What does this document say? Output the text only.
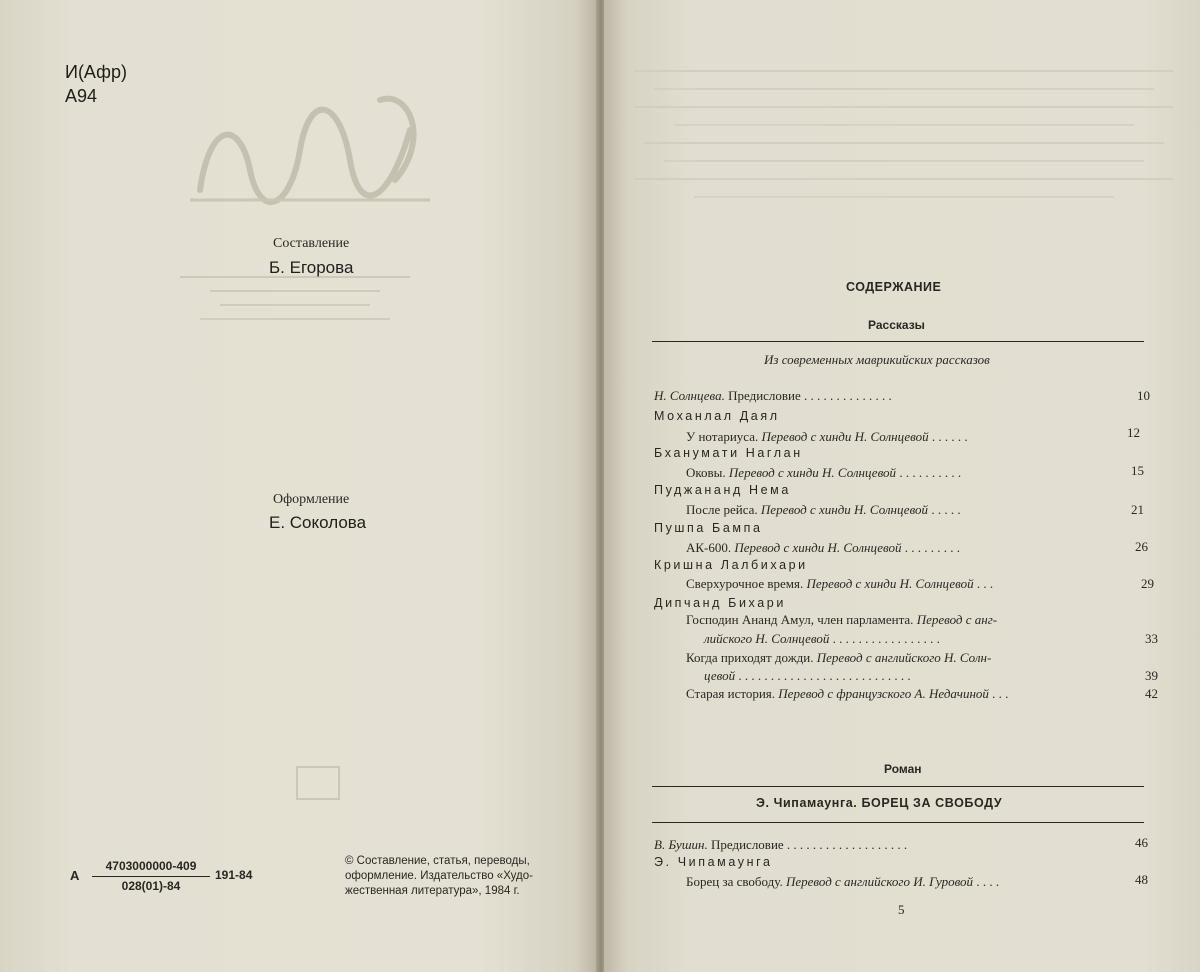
И(Афр)
А94
Составление
Б. Егорова
Оформление
Е. Соколова
А
4703000000-409
028(01)-84
191-84
© Составление, статья, переводы,
оформление. Издательство «Худо-
жественная литература», 1984 г.
СОДЕРЖАНИЕ
Рассказы
Из современных маврикийских рассказов
Н. Солнцева. Предисловие . . . . . . . . . . . . . .	10
Моханлал Даял
У нотариуса. Перевод с хинди Н. Солнцевой . . . . . .	12
Бханумати Наглан
Оковы. Перевод с хинди Н. Солнцевой . . . . . . . . . .	15
Пуджананд Нема
После рейса. Перевод с хинди Н. Солнцевой . . . . .	21
Пушпа Бампа
АК-600. Перевод с хинди Н. Солнцевой . . . . . . . . .	26
Кришна Лалбихари
Сверхурочное время. Перевод с хинди Н. Солнцевой . . .	29
Дипчанд Бихари
Господин Ананд Амул, член парламента. Перевод с анг-
лийского Н. Солнцевой . . . . . . . . . . . . . . . . .	33
Когда приходят дожди. Перевод с английского Н. Солн-
цевой . . . . . . . . . . . . . . . . . . . . . . . . . . .	39
Старая история. Перевод с французского А. Недачиной . . .	42
Роман
Э. Чипамаунга. БОРЕЦ ЗА СВОБОДУ
В. Бушин. Предисловие . . . . . . . . . . . . . . . . . . .	46
Э. Чипамаунга
Борец за свободу. Перевод с английского И. Гуровой . . . .	48
5
